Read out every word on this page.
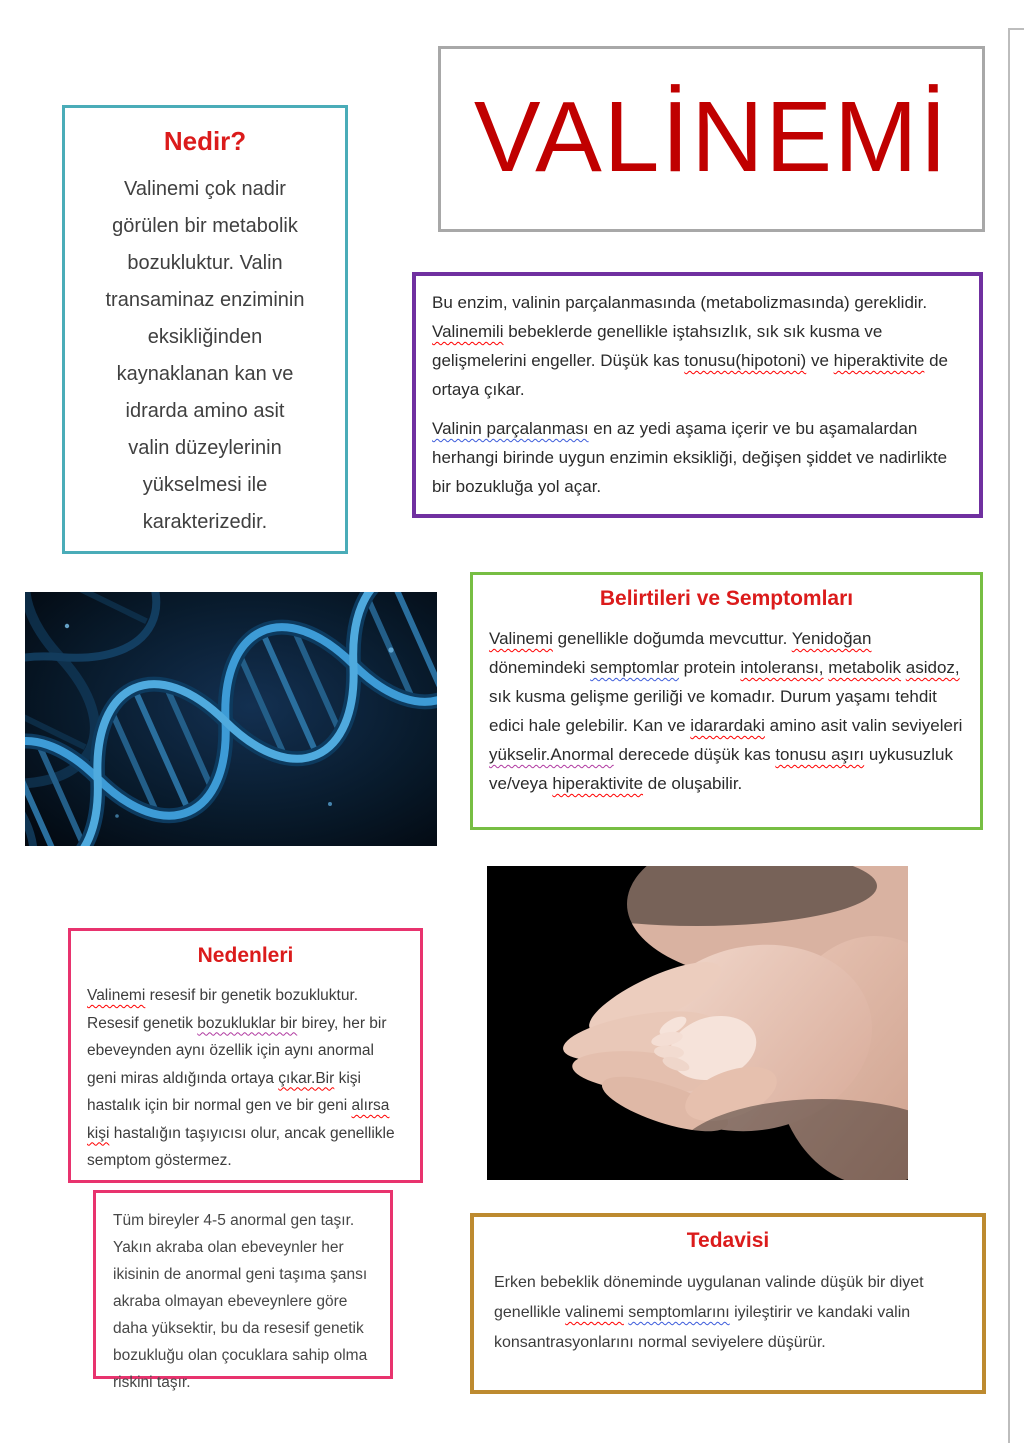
VALİNEMİ
Nedir?
Valinemi çok nadir
görülen bir metabolik
bozukluktur. Valin
transaminaz enziminin
eksikliğinden
kaynaklanan kan ve
idrarda amino asit
valin düzeylerinin
yükselmesi ile
karakterizedir.

Bu enzim, valinin parçalanmasında (metabolizmasında) gereklidir. Valinemili bebeklerde genellikle iştahsızlık, sık sık kusma ve gelişmelerini engeller. Düşük kas tonusu(hipotoni) ve hiperaktivite de ortaya çıkar.

Valinin parçalanması en az yedi aşama içerir ve bu aşamalardan herhangi birinde uygun enzimin eksikliği, değişen şiddet ve nadirlikte bir bozukluğa yol açar.

Belirtileri ve Semptomları
Valinemi genellikle doğumda mevcuttur. Yenidoğan dönemindeki semptomlar protein intoleransı, metabolik asidoz, sık kusma gelişme geriliği ve komadır. Durum yaşamı tehdit edici hale gelebilir. Kan ve idarardaki amino asit valin seviyeleri yükselir.Anormal derecede düşük kas tonusu aşırı uykusuzluk ve/veya hiperaktivite de oluşabilir.
Nedenleri
Valinemi resesif bir genetik bozukluktur. Resesif genetik bozukluklar bir birey, her bir ebeveynden aynı özellik için aynı anormal geni miras aldığında ortaya çıkar.Bir kişi hastalık için bir normal gen ve bir geni alırsa kişi hastalığın taşıyıcısı olur, ancak genellikle semptom göstermez.
Tüm bireyler 4-5 anormal gen taşır. Yakın akraba olan ebeveynler her ikisinin de anormal geni taşıma şansı akraba olmayan ebeveynlere göre daha yüksektir, bu da resesif genetik bozukluğu olan çocuklara sahip olma riskini taşır.
Tedavisi
Erken bebeklik döneminde uygulanan valinde düşük bir diyet genellikle valinemi semptomlarını iyileştirir ve kandaki valin konsantrasyonlarını normal seviyelere düşürür.
